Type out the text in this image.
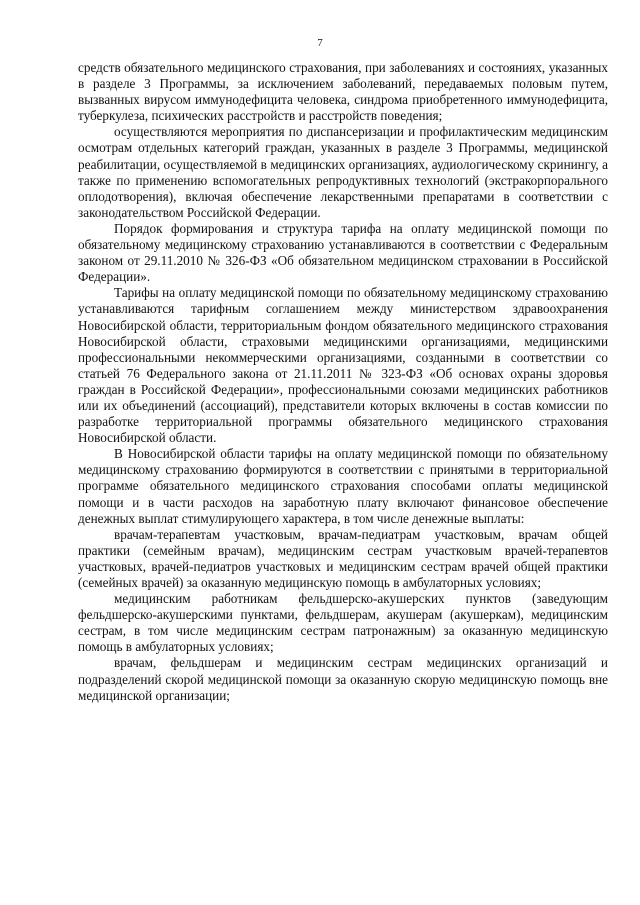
7

средств обязательного медицинского страхования, при заболеваниях и состояниях, указанных в разделе 3 Программы, за исключением заболеваний, передаваемых половым путем, вызванных вирусом иммунодефицита человека, синдрома приобретенного иммунодефицита, туберкулеза, психических расстройств и расстройств поведения;

осуществляются мероприятия по диспансеризации и профилактическим медицинским осмотрам отдельных категорий граждан, указанных в разделе 3 Программы, медицинской реабилитации, осуществляемой в медицинских организациях, аудиологическому скринингу, а также по применению вспомогательных репродуктивных технологий (экстракорпорального оплодотворения), включая обеспечение лекарственными препаратами в соответствии с законодательством Российской Федерации.

Порядок формирования и структура тарифа на оплату медицинской помощи по обязательному медицинскому страхованию устанавливаются в соответствии с Федеральным законом от 29.11.2010 № 326-ФЗ «Об обязательном медицинском страховании в Российской Федерации».

Тарифы на оплату медицинской помощи по обязательному медицинскому страхованию устанавливаются тарифным соглашением между министерством здравоохранения Новосибирской области, территориальным фондом обязательного медицинского страхования Новосибирской области, страховыми медицинскими организациями, медицинскими профессиональными некоммерческими организациями, созданными в соответствии со статьей 76 Федерального закона от 21.11.2011 № 323-ФЗ «Об основах охраны здоровья граждан в Российской Федерации», профессиональными союзами медицинских работников или их объединений (ассоциаций), представители которых включены в состав комиссии по разработке территориальной программы обязательного медицинского страхования Новосибирской области.

В Новосибирской области тарифы на оплату медицинской помощи по обязательному медицинскому страхованию формируются в соответствии с принятыми в территориальной программе обязательного медицинского страхования способами оплаты медицинской помощи и в части расходов на заработную плату включают финансовое обеспечение денежных выплат стимулирующего характера, в том числе денежные выплаты:

врачам-терапевтам участковым, врачам-педиатрам участковым, врачам общей практики (семейным врачам), медицинским сестрам участковым врачей-терапевтов участковых, врачей-педиатров участковых и медицинским сестрам врачей общей практики (семейных врачей) за оказанную медицинскую помощь в амбулаторных условиях;

медицинским работникам фельдшерско-акушерских пунктов (заведующим фельдшерско-акушерскими пунктами, фельдшерам, акушерам (акушеркам), медицинским сестрам, в том числе медицинским сестрам патронажным) за оказанную медицинскую помощь в амбулаторных условиях;

врачам, фельдшерам и медицинским сестрам медицинских организаций и подразделений скорой медицинской помощи за оказанную скорую медицинскую помощь вне медицинской организации;
